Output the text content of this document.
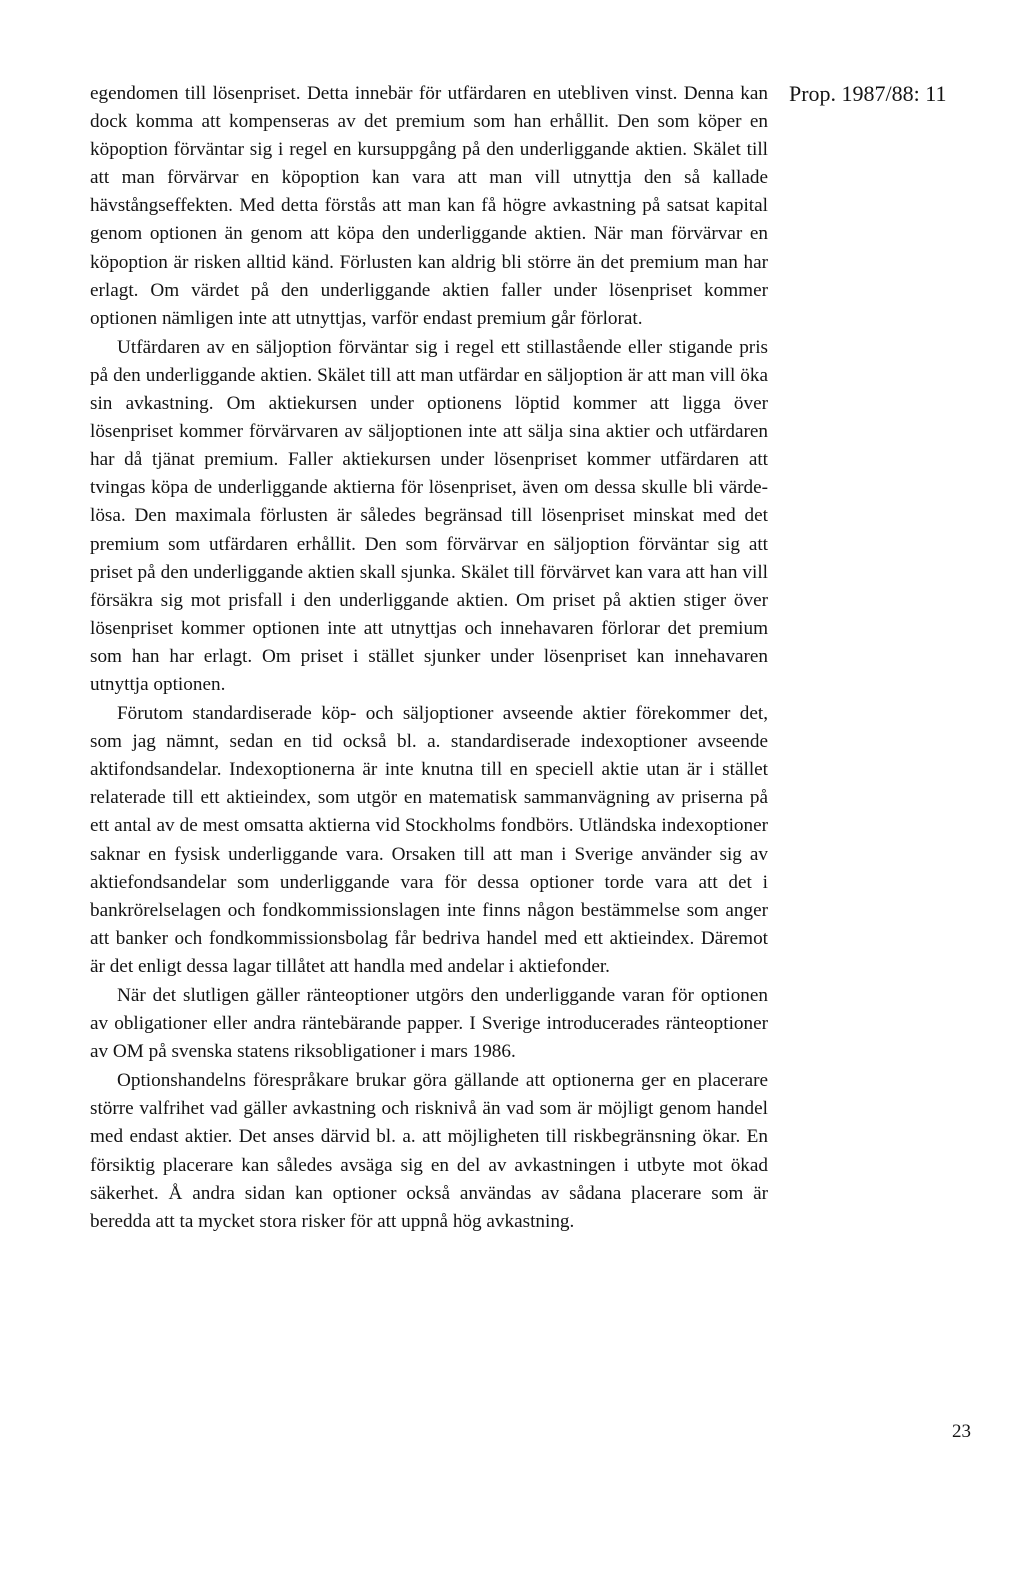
Prop. 1987/88: 11

egendomen till lösenpriset. Detta innebär för utfärdaren en utebliven vinst. Denna kan dock komma att kompenseras av det premium som han erhållit. Den som köper en köpoption förväntar sig i regel en kursuppgång på den underliggande aktien. Skälet till att man förvärvar en köpoption kan vara att man vill utnyttja den så kallade hävstångseffekten. Med detta förstås att man kan få högre avkastning på satsat kapital genom optionen än genom att köpa den underliggande aktien. När man förvärvar en köpoption är risken alltid känd. Förlusten kan aldrig bli större än det premium man har erlagt. Om värdet på den underliggande aktien faller under lösenpriset kommer optionen nämligen inte att utnyttjas, varför endast premium går förlorat.

Utfärdaren av en säljoption förväntar sig i regel ett stillastående eller stigande pris på den underliggande aktien. Skälet till att man utfärdar en säljoption är att man vill öka sin avkastning. Om aktiekursen under optionens löptid kommer att ligga över lösenpriset kommer förvärvaren av säljoptionen inte att sälja sina aktier och utfärdaren har då tjänat premium. Faller aktiekursen under lösenpriset kommer utfärdaren att tvingas köpa de underliggande aktierna för lösenpriset, även om dessa skulle bli värdelösa. Den maximala förlusten är således begränsad till lösenpriset minskat med det premium som utfärdaren erhållit. Den som förvärvar en säljoption förväntar sig att priset på den underliggande aktien skall sjunka. Skälet till förvärvet kan vara att han vill försäkra sig mot prisfall i den underliggande aktien. Om priset på aktien stiger över lösenpriset kommer optionen inte att utnyttjas och innehavaren förlorar det premium som han har erlagt. Om priset i stället sjunker under lösenpriset kan innehavaren utnyttja optionen.

Förutom standardiserade köp- och säljoptioner avseende aktier förekommer det, som jag nämnt, sedan en tid också bl. a. standardiserade indexoptioner avseende aktifondsandelar. Indexoptionerna är inte knutna till en speciell aktie utan är i stället relaterade till ett aktieindex, som utgör en matematisk sammanvägning av priserna på ett antal av de mest omsatta aktierna vid Stockholms fondbörs. Utländska indexoptioner saknar en fysisk underliggande vara. Orsaken till att man i Sverige använder sig av aktiefondsandelar som underliggande vara för dessa optioner torde vara att det i bankrörelselagen och fondkommissionslagen inte finns någon bestämmelse som anger att banker och fondkommissionsbolag får bedriva handel med ett aktieindex. Däremot är det enligt dessa lagar tillåtet att handla med andelar i aktiefonder.

När det slutligen gäller ränteoptioner utgörs den underliggande varan för optionen av obligationer eller andra räntebärande papper. I Sverige introducerades ränteoptioner av OM på svenska statens riksobligationer i mars 1986.

Optionshandelns förespråkare brukar göra gällande att optionerna ger en placerare större valfrihet vad gäller avkastning och risknivå än vad som är möjligt genom handel med endast aktier. Det anses därvid bl. a. att möjligheten till riskbegränsning ökar. En försiktig placerare kan således avsäga sig en del av avkastningen i utbyte mot ökad säkerhet. Å andra sidan kan optioner också användas av sådana placerare som är beredda att ta mycket stora risker för att uppnå hög avkastning.

23
